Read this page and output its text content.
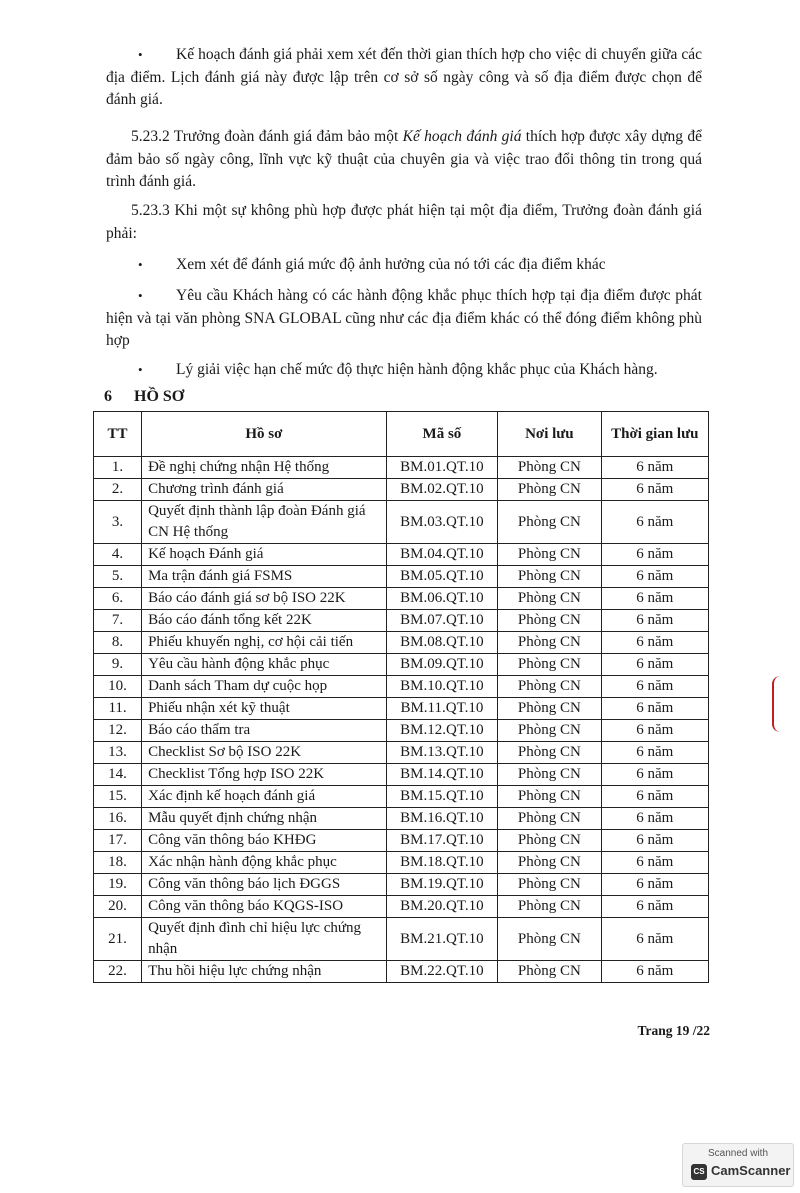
•	Kế hoạch đánh giá phải xem xét đến thời gian thích hợp cho việc di chuyển giữa các địa điểm. Lịch đánh giá này được lập trên cơ sở số ngày công và số địa điểm được chọn để đánh giá.

5.23.2 Trưởng đoàn đánh giá đảm bảo một Kế hoạch đánh giá thích hợp được xây dựng để đảm bảo số ngày công, lĩnh vực kỹ thuật của chuyên gia và việc trao đổi thông tin trong quá trình đánh giá.

5.23.3 Khi một sự không phù hợp được phát hiện tại một địa điểm, Trưởng đoàn đánh giá phải:

•	Xem xét để đánh giá mức độ ảnh hưởng của nó tới các địa điểm khác

•	Yêu cầu Khách hàng có các hành động khắc phục thích hợp tại địa điểm được phát hiện và tại văn phòng SNA GLOBAL cũng như các địa điểm khác có thể đóng điểm không phù hợp

•	Lý giải việc hạn chế mức độ thực hiện hành động khắc phục của Khách hàng.

6 HỒ SƠ
TT	Hồ sơ	Mã số	Nơi lưu	Thời gian lưu
1.	Đề nghị chứng nhận Hệ thống	BM.01.QT.10	Phòng CN	6 năm
2.	Chương trình đánh giá	BM.02.QT.10	Phòng CN	6 năm
3.	Quyết định thành lập đoàn Đánh giá CN Hệ thống	BM.03.QT.10	Phòng CN	6 năm
4.	Kế hoạch Đánh giá	BM.04.QT.10	Phòng CN	6 năm
5.	Ma trận đánh giá FSMS	BM.05.QT.10	Phòng CN	6 năm
6.	Báo cáo đánh giá sơ bộ ISO 22K	BM.06.QT.10	Phòng CN	6 năm
7.	Báo cáo đánh tổng kết 22K	BM.07.QT.10	Phòng CN	6 năm
8.	Phiếu khuyến nghị, cơ hội cải tiến	BM.08.QT.10	Phòng CN	6 năm
9.	Yêu cầu hành động khắc phục	BM.09.QT.10	Phòng CN	6 năm
10.	Danh sách Tham dự cuộc họp	BM.10.QT.10	Phòng CN	6 năm
11.	Phiếu nhận xét kỹ thuật	BM.11.QT.10	Phòng CN	6 năm
12.	Báo cáo thẩm tra	BM.12.QT.10	Phòng CN	6 năm
13.	Checklist Sơ bộ ISO 22K	BM.13.QT.10	Phòng CN	6 năm
14.	Checklist Tổng hợp ISO 22K	BM.14.QT.10	Phòng CN	6 năm
15.	Xác định kế hoạch đánh giá	BM.15.QT.10	Phòng CN	6 năm
16.	Mẫu quyết định chứng nhận	BM.16.QT.10	Phòng CN	6 năm
17.	Công văn thông báo KHĐG	BM.17.QT.10	Phòng CN	6 năm
18.	Xác nhận hành động khắc phục	BM.18.QT.10	Phòng CN	6 năm
19.	Công văn thông báo lịch ĐGGS	BM.19.QT.10	Phòng CN	6 năm
20.	Công văn thông báo KQGS-ISO	BM.20.QT.10	Phòng CN	6 năm
21.	Quyết định đình chỉ hiệu lực chứng nhận	BM.21.QT.10	Phòng CN	6 năm
22.	Thu hồi hiệu lực chứng nhận	BM.22.QT.10	Phòng CN	6 năm
Trang 19 /22
Scanned with
CS CamScanner
